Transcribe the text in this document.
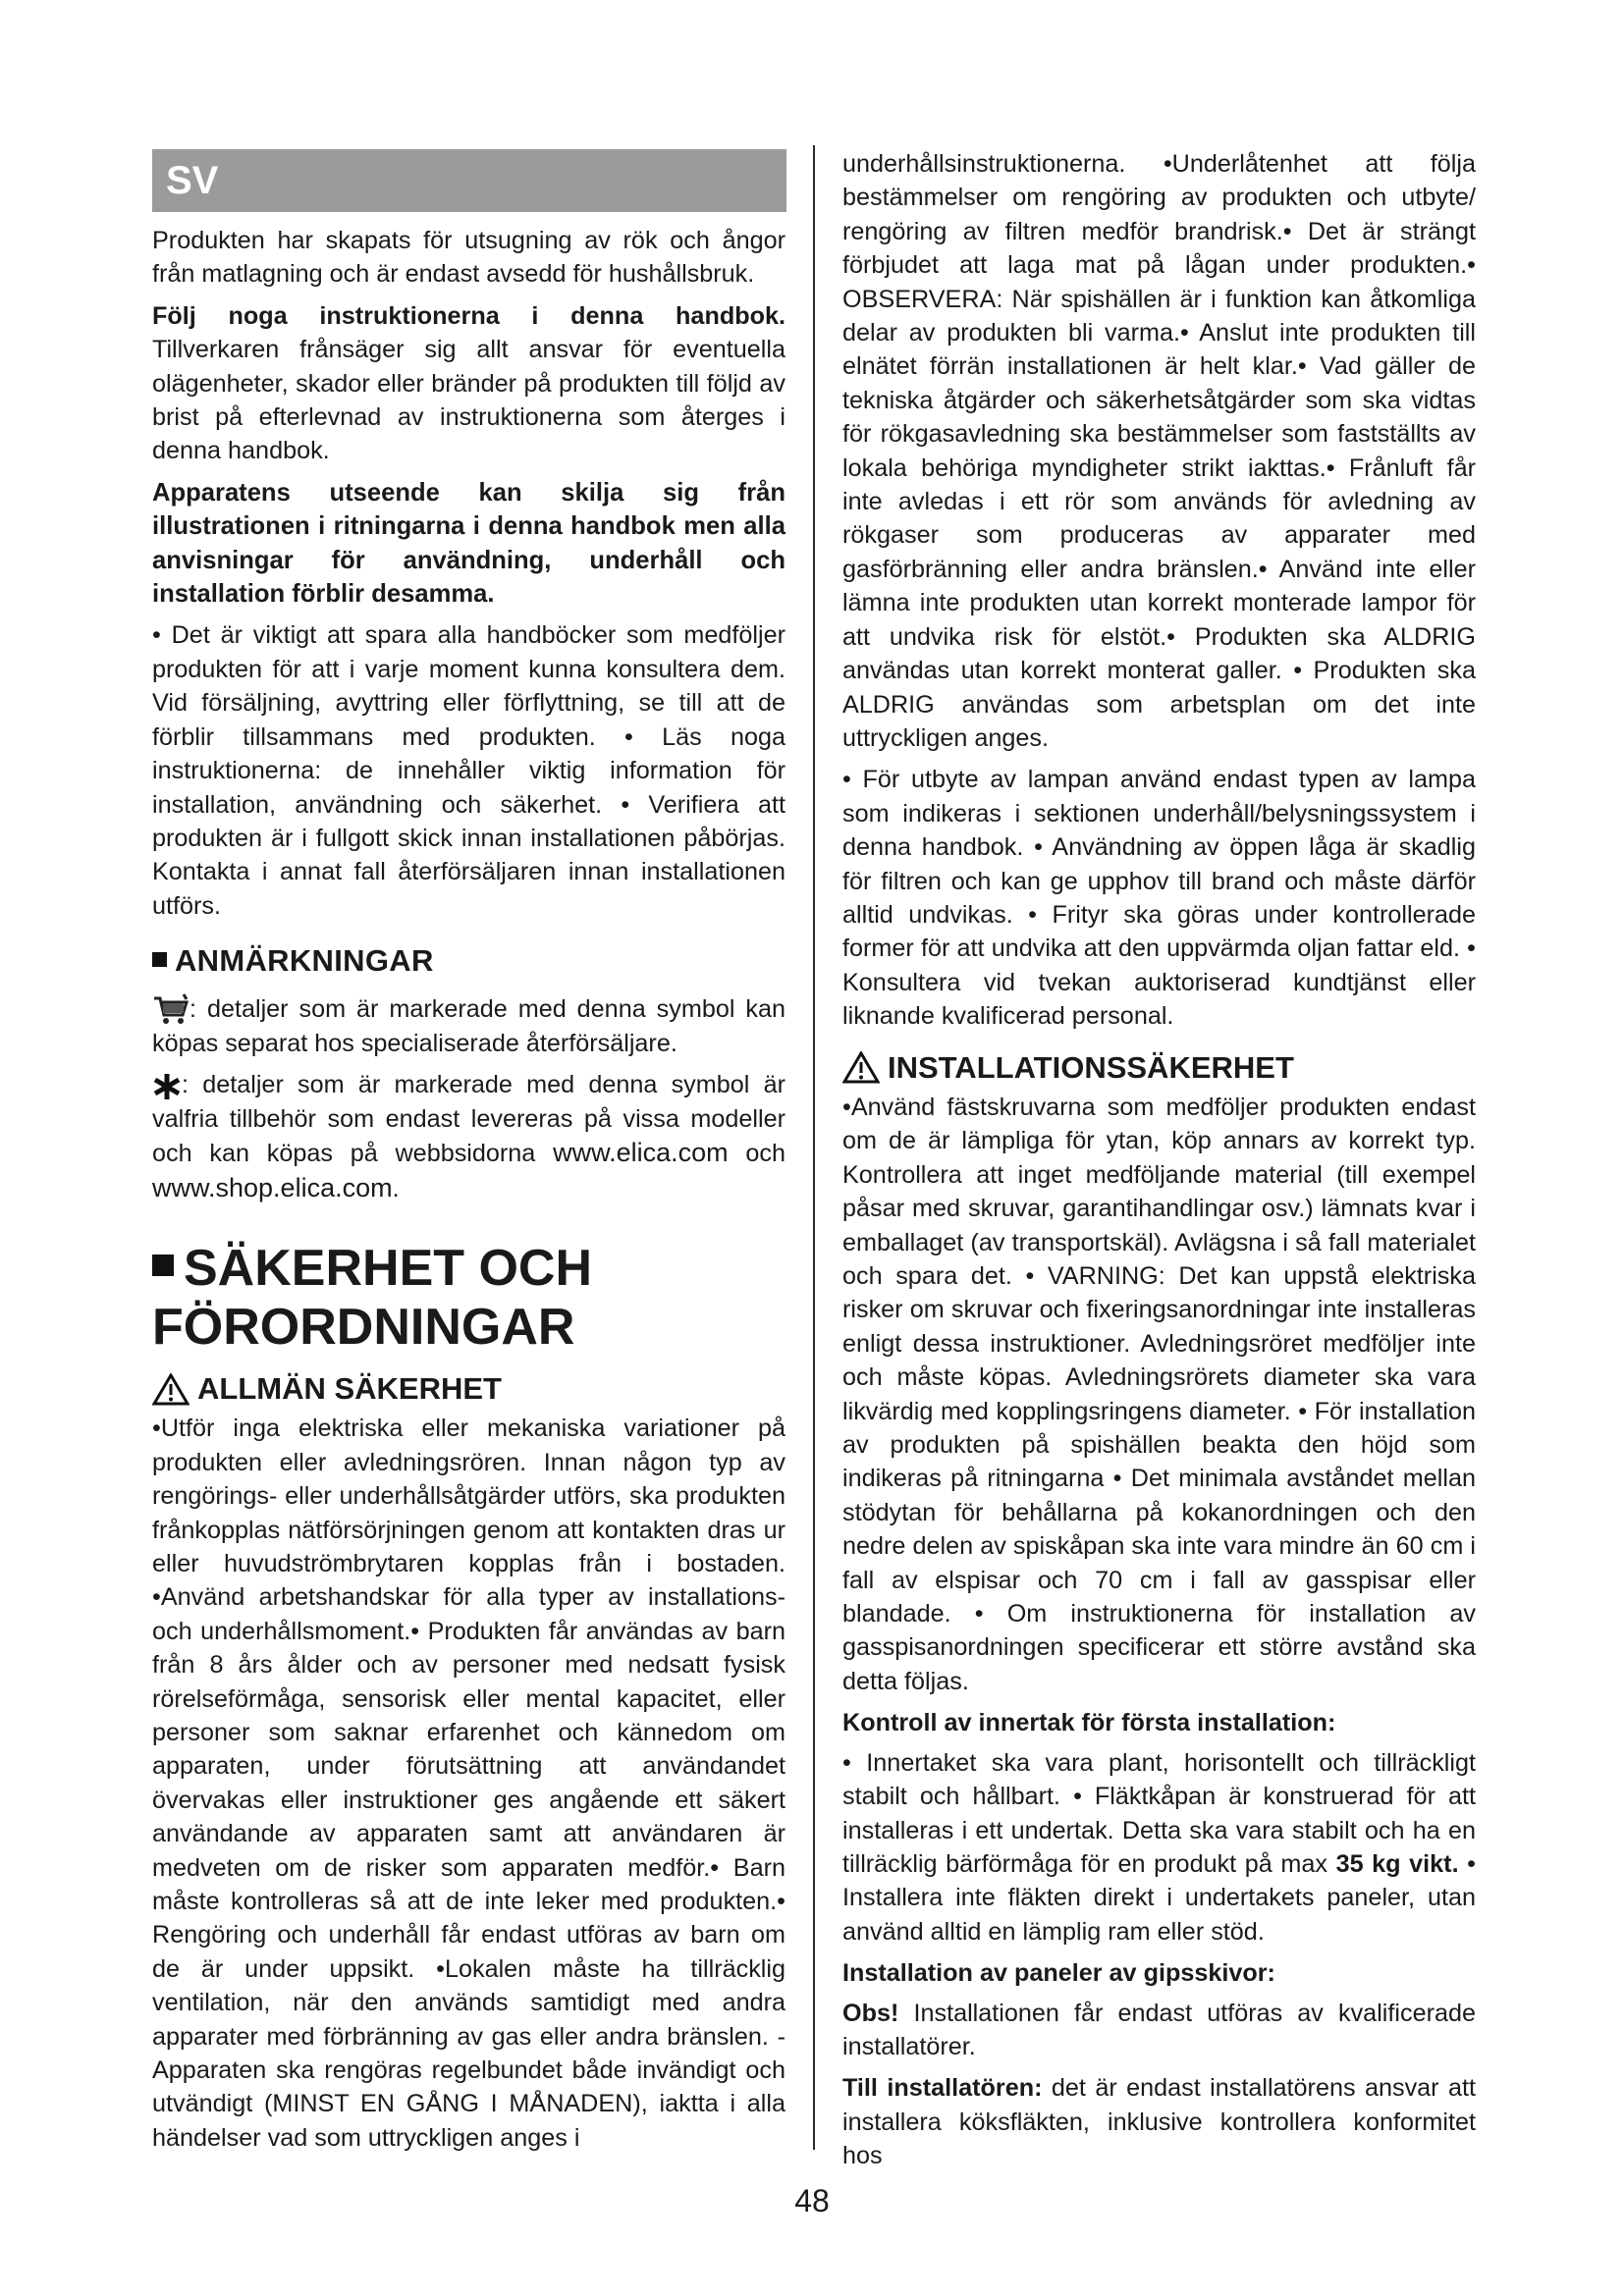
SV

Produkten har skapats för utsugning av rök och ångor från matlagning och är endast avsedd för hushållsbruk.

Följ noga instruktionerna i denna handbok. Tillverkaren frånsäger sig allt ansvar för eventuella olägenheter, skador eller bränder på produkten till följd av brist på efterlevnad av instruktionerna som återges i denna handbok.

Apparatens utseende kan skilja sig från illustrationen i ritningarna i denna handbok men alla anvisningar för användning, underhåll och installation förblir desamma.

• Det är viktigt att spara alla handböcker som medföljer produkten för att i varje moment kunna konsultera dem. Vid försäljning, avyttring eller förflyttning, se till att de förblir tillsammans med produkten. • Läs noga instruktionerna: de innehåller viktig information för installation, användning och säkerhet. • Verifiera att produkten är i fullgott skick innan installationen påbörjas. Kontakta i annat fall återförsäljaren innan installationen utförs.

ANMÄRKNINGAR

: detaljer som är markerade med denna symbol kan köpas separat hos specialiserade återförsäljare.

: detaljer som är markerade med denna symbol är valfria tillbehör som endast levereras på vissa modeller och kan köpas på webbsidorna www.elica.com och www.shop.elica.com.

SÄKERHET OCH
FÖRORDNINGAR
ALLMÄN SÄKERHET

•Utför inga elektriska eller mekaniska variationer på produkten eller avledningsrören. Innan någon typ av rengörings- eller underhållsåtgärder utförs, ska produkten frånkopplas nätförsörjningen genom att kontakten dras ur eller huvudströmbrytaren kopplas från i bostaden. •Använd arbetshandskar för alla typer av installations- och underhållsmoment.• Produkten får användas av barn från 8 års ålder och av personer med nedsatt fysisk rörelseförmåga, sensorisk eller mental kapacitet, eller personer som saknar erfarenhet och kännedom om apparaten, under förutsättning att användandet övervakas eller instruktioner ges angående ett säkert användande av apparaten samt att användaren är medveten om de risker som apparaten medför.• Barn måste kontrolleras så att de inte leker med produkten.• Rengöring och underhåll får endast utföras av barn om de är under uppsikt. •Lokalen måste ha tillräcklig ventilation, när den används samtidigt med andra apparater med förbränning av gas eller andra bränslen. - Apparaten ska rengöras regelbundet både invändigt och utvändigt (MINST EN GÅNG I MÅNADEN), iaktta i alla händelser vad som uttryckligen anges i

underhållsinstruktionerna. •Underlåtenhet att följa bestämmelser om rengöring av produkten och utbyte/ rengöring av filtren medför brandrisk.• Det är strängt förbjudet att laga mat på lågan under produkten.• OBSERVERA: När spishällen är i funktion kan åtkomliga delar av produkten bli varma.• Anslut inte produkten till elnätet förrän installationen är helt klar.• Vad gäller de tekniska åtgärder och säkerhetsåtgärder som ska vidtas för rökgasavledning ska bestämmelser som fastställts av lokala behöriga myndigheter strikt iakttas.• Frånluft får inte avledas i ett rör som används för avledning av rökgaser som produceras av apparater med gasförbränning eller andra bränslen.• Använd inte eller lämna inte produkten utan korrekt monterade lampor för att undvika risk för elstöt.• Produkten ska ALDRIG användas utan korrekt monterat galler. • Produkten ska ALDRIG användas som arbetsplan om det inte uttryckligen anges.

• För utbyte av lampan använd endast typen av lampa som indikeras i sektionen underhåll/belysningssystem i denna handbok. • Användning av öppen låga är skadlig för filtren och kan ge upphov till brand och måste därför alltid undvikas. • Frityr ska göras under kontrollerade former för att undvika att den uppvärmda oljan fattar eld. • Konsultera vid tvekan auktoriserad kundtjänst eller liknande kvalificerad personal.

INSTALLATIONSSÄKERHET

•Använd fästskruvarna som medföljer produkten endast om de är lämpliga för ytan, köp annars av korrekt typ. Kontrollera att inget medföljande material (till exempel påsar med skruvar, garantihandlingar osv.) lämnats kvar i emballaget (av transportskäl). Avlägsna i så fall materialet och spara det. • VARNING: Det kan uppstå elektriska risker om skruvar och fixeringsanordningar inte installeras enligt dessa instruktioner. Avledningsröret medföljer inte och måste köpas. Avledningsrörets diameter ska vara likvärdig med kopplingsringens diameter. • För installation av produkten på spishällen beakta den höjd som indikeras på ritningarna • Det minimala avståndet mellan stödytan för behållarna på kokanordningen och den nedre delen av spiskåpan ska inte vara mindre än 60 cm i fall av elspisar och 70 cm i fall av gasspisar eller blandade. • Om instruktionerna för installation av gasspisanordningen specificerar ett större avstånd ska detta följas.

Kontroll av innertak för första installation:

• Innertaket ska vara plant, horisontellt och tillräckligt stabilt och hållbart. • Fläktkåpan är konstruerad för att installeras i ett undertak. Detta ska vara stabilt och ha en tillräcklig bärförmåga för en produkt på max 35 kg vikt. • Installera inte fläkten direkt i undertakets paneler, utan använd alltid en lämplig ram eller stöd.

Installation av paneler av gipsskivor:

Obs! Installationen får endast utföras av kvalificerade installatörer.

Till installatören: det är endast installatörens ansvar att installera köksfläkten, inklusive kontrollera konformitet hos

48
